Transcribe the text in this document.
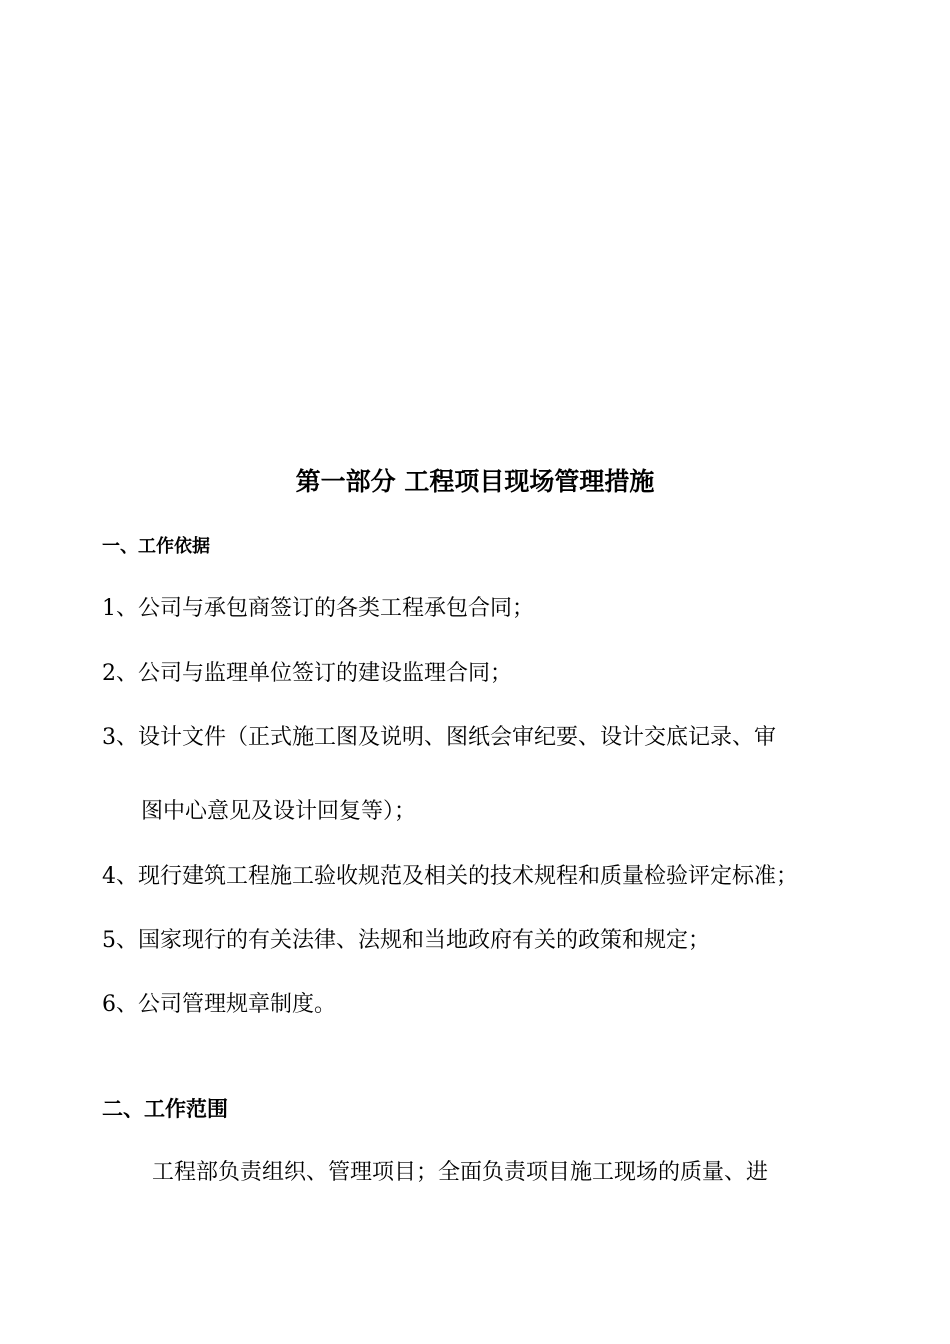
第一部分 工程项目现场管理措施
一、工作依据
1、公司与承包商签订的各类工程承包合同；
2、公司与监理单位签订的建设监理合同；
3、设计文件（正式施工图及说明、图纸会审纪要、设计交底记录、审
图中心意见及设计回复等）；
4、现行建筑工程施工验收规范及相关的技术规程和质量检验评定标准；
5、国家现行的有关法律、法规和当地政府有关的政策和规定；
6、公司管理规章制度。
二、工作范围
工程部负责组织、管理项目；全面负责项目施工现场的质量、进
